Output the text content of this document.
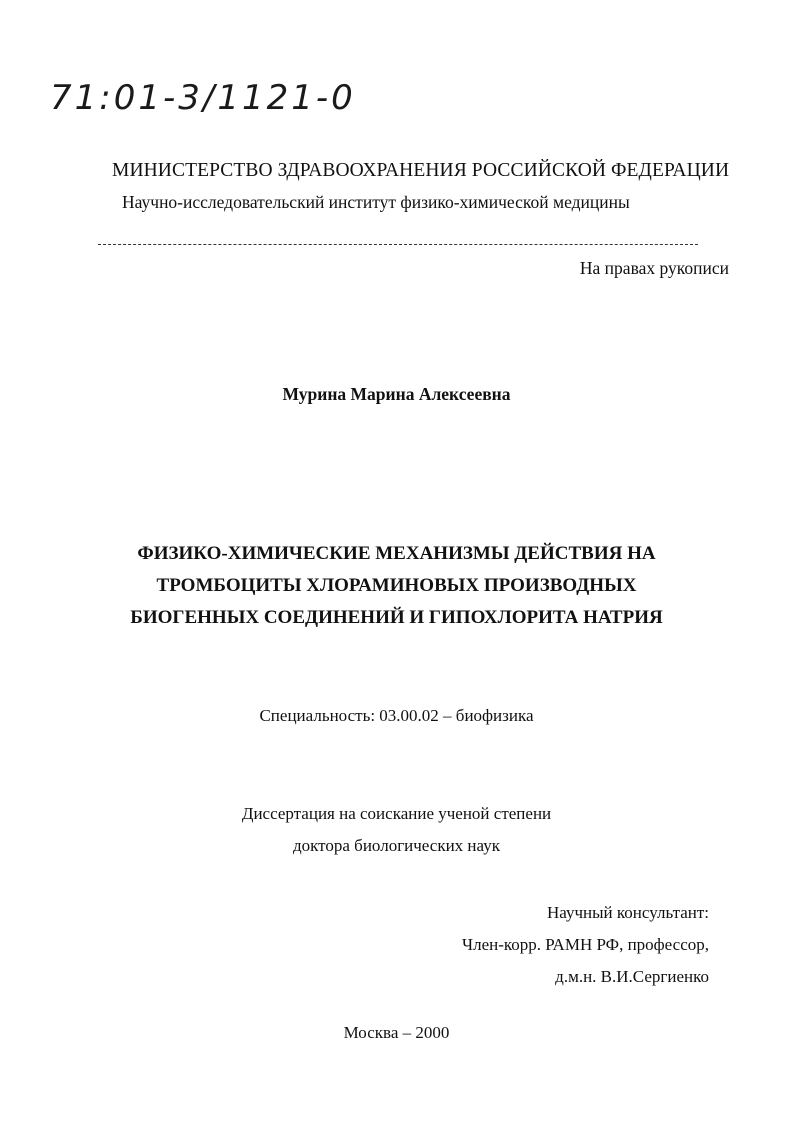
71:01-3/1121-0
МИНИСТЕРСТВО ЗДРАВООХРАНЕНИЯ РОССИЙСКОЙ ФЕДЕРАЦИИ
Научно-исследовательский институт физико-химической медицины
На правах рукописи
Мурина Марина Алексеевна
ФИЗИКО-ХИМИЧЕСКИЕ МЕХАНИЗМЫ ДЕЙСТВИЯ НА
ТРОМБОЦИТЫ ХЛОРАМИНОВЫХ ПРОИЗВОДНЫХ
БИОГЕННЫХ СОЕДИНЕНИЙ И ГИПОХЛОРИТА НАТРИЯ
Специальность: 03.00.02 – биофизика
Диссертация на соискание ученой степени
доктора биологических наук
Научный консультант:
Член-корр. РАМН РФ, профессор,
д.м.н. В.И.Сергиенко
Москва – 2000
